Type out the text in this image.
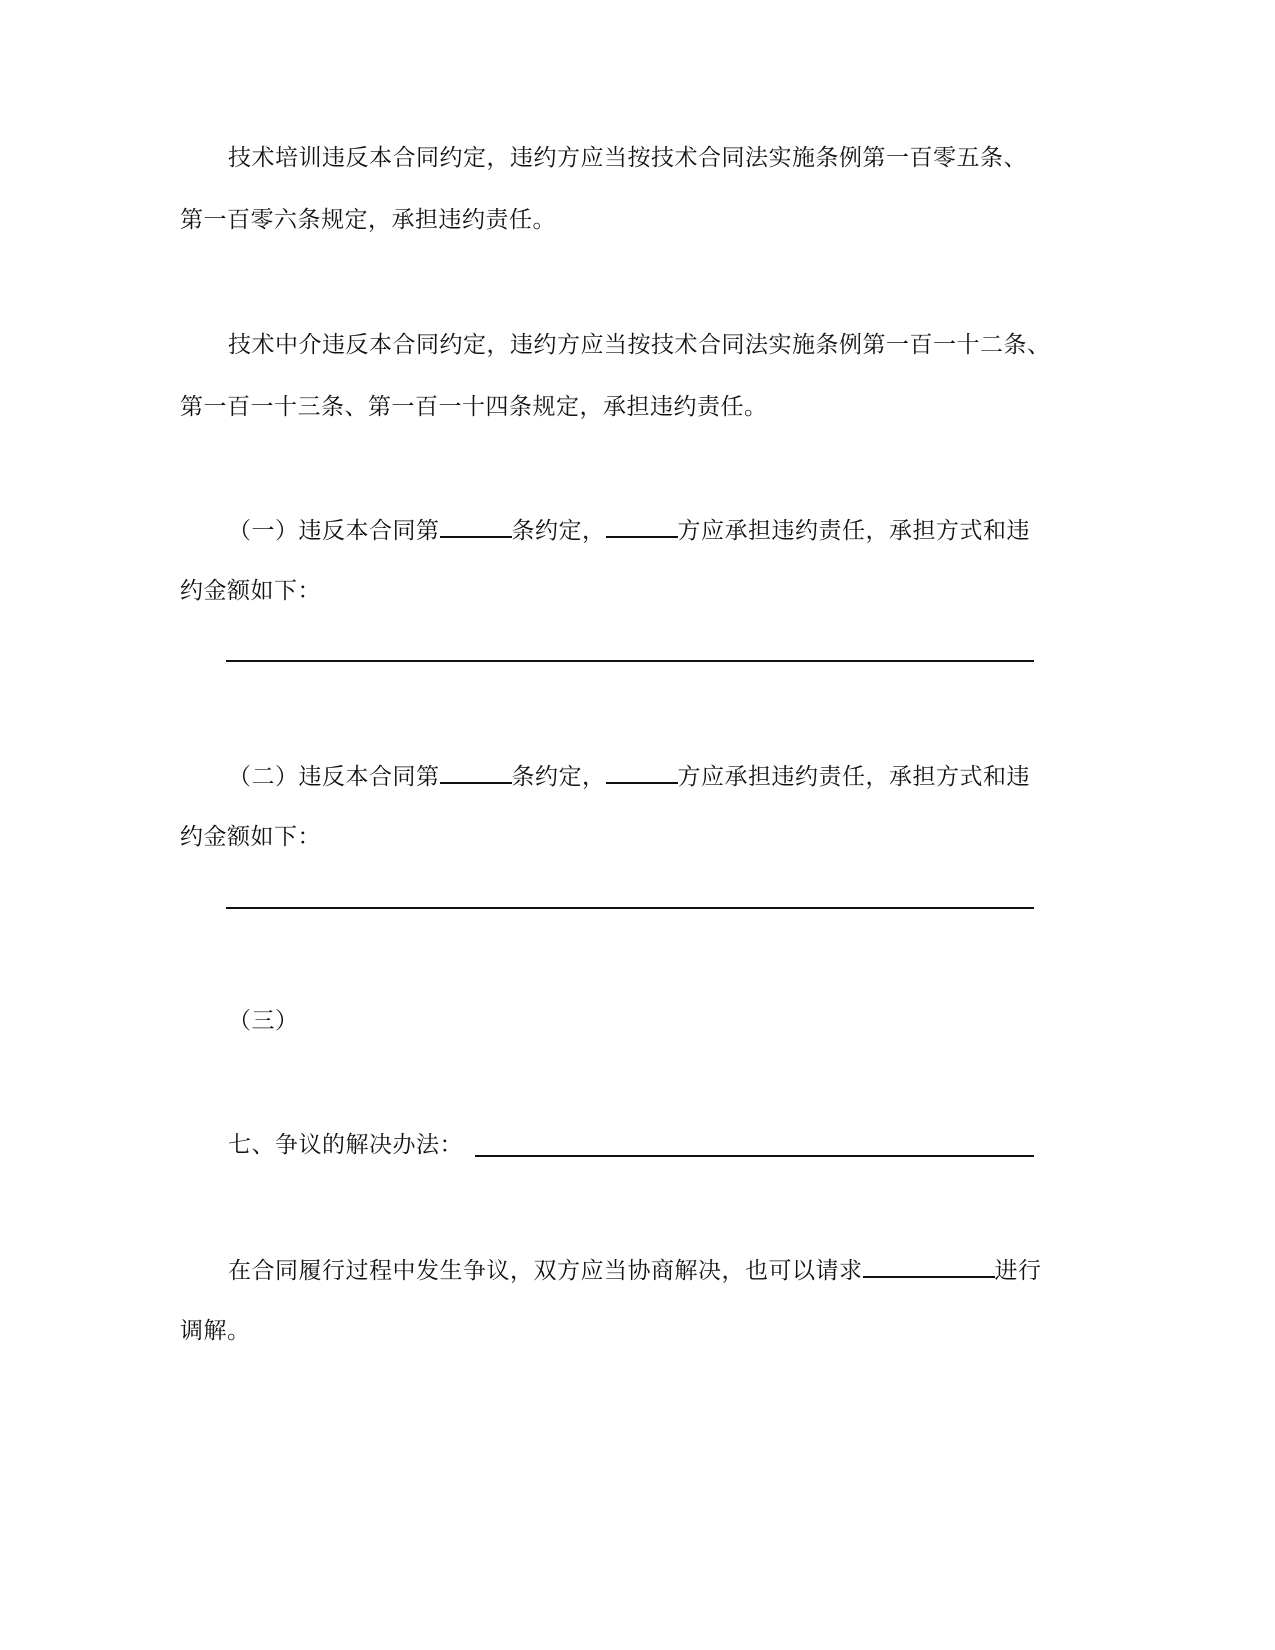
技术培训违反本合同约定，违约方应当按技术合同法实施条例第一百零五条、
第一百零六条规定，承担违约责任。
技术中介违反本合同约定，违约方应当按技术合同法实施条例第一百一十二条、
第一百一十三条、第一百一十四条规定，承担违约责任。
（一）违反本合同第	条约定，	方应承担违约责任，承担方式和违
约金额如下：
（二）违反本合同第	条约定，	方应承担违约责任，承担方式和违
约金额如下：
（三）
七、争议的解决办法：
在合同履行过程中发生争议，双方应当协商解决，也可以请求	进行
调解。
